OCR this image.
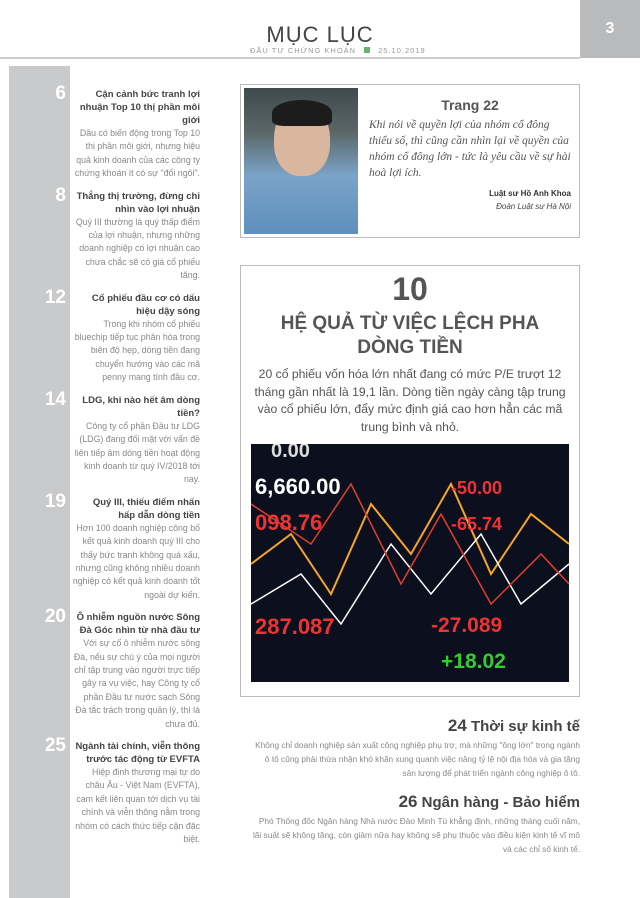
MỤC LỤC
ĐẦU TƯ CHỨNG KHOÁN	25.10.2019
3
6	Cận cảnh bức tranh lợi nhuận Top 10 thị phần môi giới
Dầu có biến động trong Top 10 thị phần môi giới, nhưng hiệu quả kinh doanh của các công ty chứng khoán ít có sự "đổi ngôi".
8 Thắng thị trường, đừng chỉ nhìn vào lợi nhuận
Quý III thường là quý thấp điểm của lợi nhuận, nhưng những doanh nghiệp có lợi nhuận cao chưa chắc sẽ có giá cổ phiếu tăng.
12	Cổ phiếu đầu cơ có dấu hiệu dậy sóng
Trong khi nhóm cổ phiếu bluechip tiếp tục phân hóa trong biên độ hẹp, dòng tiền đang chuyển hướng vào các mã penny mang tính đầu cơ.
14	LDG, khi nào hết âm dòng tiền?
Công ty cổ phần Đầu tư LDG (LDG) đang đối mặt với vấn đề liên tiếp âm dòng tiền hoạt động kinh doanh từ quý IV/2018 tới nay.
19	Quý III, thiếu điểm nhấn hấp dẫn dòng tiền
Hơn 100 doanh nghiệp công bố kết quả kinh doanh quý III cho thấy bức tranh không quá xấu, nhưng cũng không nhiều doanh nghiệp có kết quả kinh doanh tốt ngoài dự kiến.
20 Ô nhiễm nguồn nước Sông Đà Góc nhìn từ nhà đầu tư
Với sự cố ô nhiễm nước sông Đà, nếu sự chú ý của mọi người chỉ tập trung vào người trực tiếp gây ra vụ việc, hay Công ty cổ phần Đầu tư nước sạch Sông Đà tắc trách trong quản lý, thì là chưa đủ.
25 Ngành tài chính, viễn thông trước tác động từ EVFTA
Hiệp định thương mại tự do châu Âu - Việt Nam (EVFTA), cam kết liên quan tới dịch vụ tài chính và viễn thông nằm trong nhóm có cách thức tiếp cận đặc biệt.
Trang 22
Khi nói về quyền lợi của nhóm cổ đông thiểu số, thì cũng cần nhìn lại về quyền của nhóm cổ đông lớn - tức là yêu cầu về sự hài hoà lợi ích.
Luật sư Hồ Anh Khoa
Đoàn Luật sư Hà Nội
10
HỆ QUẢ TỪ VIỆC LỆCH PHA DÒNG TIỀN
20 cổ phiếu vốn hóa lớn nhất đang có mức P/E trượt 12 tháng gần nhất là 19,1 lần. Dòng tiền ngày càng tập trung vào cổ phiếu lớn, đẩy mức định giá cao hơn hẳn các mã trung bình và nhỏ.
0.00
6,660.00	-50.00
098.76	-65.74
-27.089
+18.02
287.087
24 Thời sự kinh tế
Không chỉ doanh nghiệp sản xuất công nghiệp phụ trợ, mà những "ông lớn" trong ngành ô tô cũng phải thừa nhận khó khăn xung quanh việc nâng tỷ lệ nội địa hóa và gia tăng sản lượng để phát triển ngành công nghiệp ô tô.
26 Ngân hàng - Bảo hiểm
Phó Thống đốc Ngân hàng Nhà nước Đào Minh Tú khẳng định, những tháng cuối năm, lãi suất sẽ không tăng, còn giảm nữa hay không sẽ phụ thuộc vào điều kiện kinh tế vĩ mô và các chỉ số kinh tế.
